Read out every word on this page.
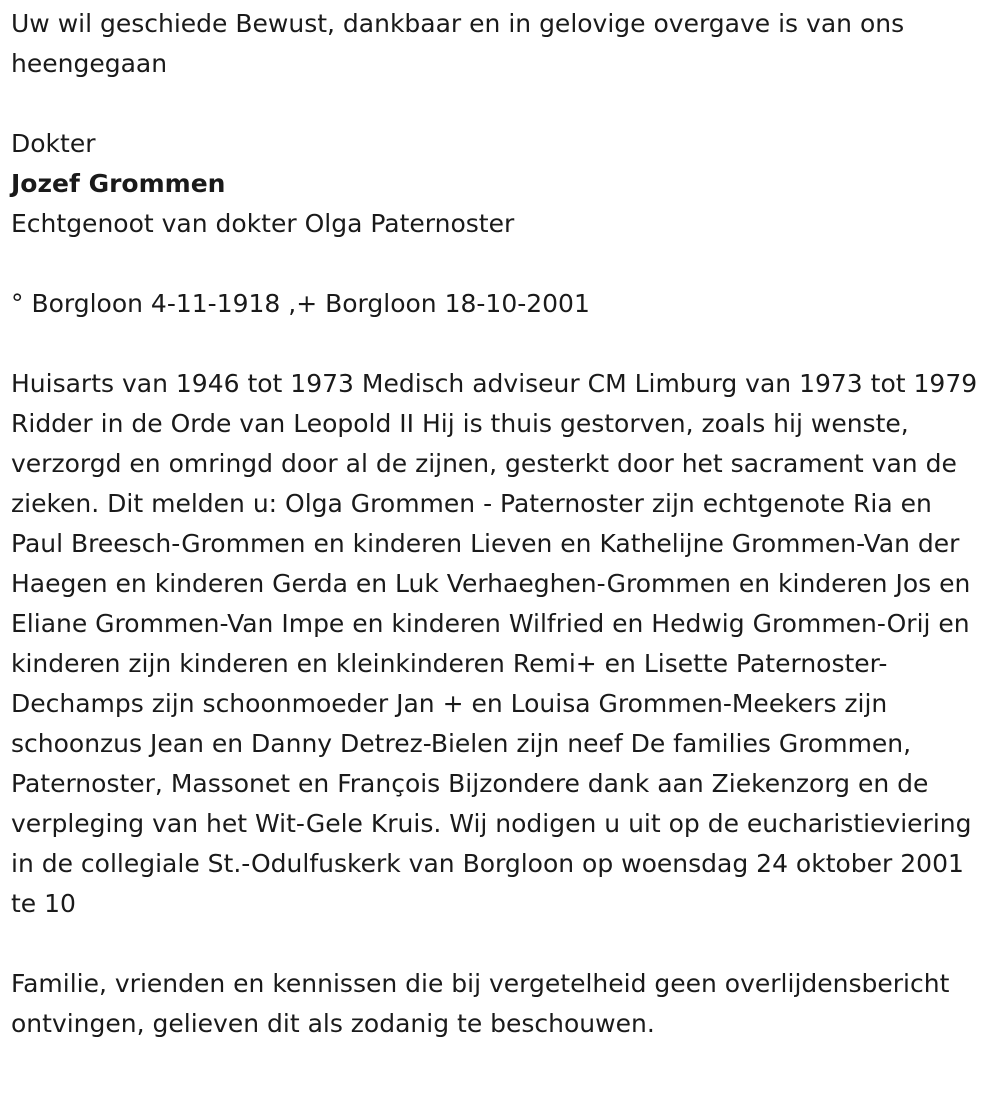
Uw wil geschiede Bewust, dankbaar en in gelovige overgave is van ons heengegaan

Dokter

Jozef Grommen

Echtgenoot van dokter Olga Paternoster

° Borgloon 4-11-1918 ,+ Borgloon 18-10-2001

Huisarts van 1946 tot 1973 Medisch adviseur CM Limburg van 1973 tot 1979 Ridder in de Orde van Leopold II Hij is thuis gestorven, zoals hij wenste, verzorgd en omringd door al de zijnen, gesterkt door het sacrament van de zieken. Dit melden u: Olga Grommen - Paternoster zijn echtgenote Ria en Paul Breesch-Grommen en kinderen Lieven en Kathelijne Grommen-Van der Haegen en kinderen Gerda en Luk Verhaeghen-Grommen en kinderen Jos en Eliane Grommen-Van Impe en kinderen Wilfried en Hedwig Grommen-Orij en kinderen zijn kinderen en kleinkinderen Remi+ en Lisette Paternoster-Dechamps zijn schoonmoeder Jan + en Louisa Grommen-Meekers zijn schoonzus Jean en Danny Detrez-Bielen zijn neef De families Grommen, Paternoster, Massonet en François Bijzondere dank aan Ziekenzorg en de verpleging van het Wit-Gele Kruis. Wij nodigen u uit op de eucharistieviering in de collegiale St.-Odulfuskerk van Borgloon op woensdag 24 oktober 2001 te 10

Familie, vrienden en kennissen die bij vergetelheid geen overlijdensbericht ontvingen, gelieven dit als zodanig te beschouwen.
